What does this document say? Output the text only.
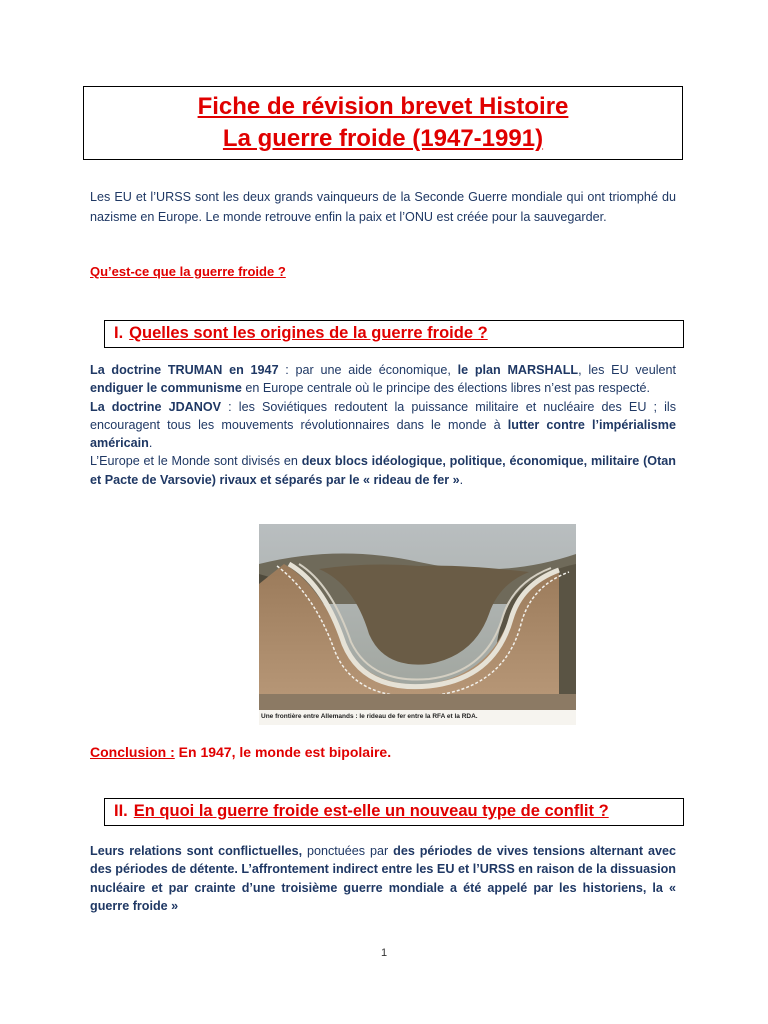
Fiche de révision brevet Histoire
La guerre froide (1947-1991)
Les EU et l’URSS sont les deux grands vainqueurs de la Seconde Guerre mondiale qui ont triomphé du nazisme en Europe. Le monde retrouve enfin la paix et l’ONU est créée pour la sauvegarder.
Qu’est-ce que la guerre froide ?
I. Quelles sont les origines de la guerre froide ?
La doctrine TRUMAN en 1947 : par une aide économique, le plan MARSHALL, les EU veulent endiguer le communisme en Europe centrale où le principe des élections libres n’est pas respecté.
La doctrine JDANOV : les Soviétiques redoutent la puissance militaire et nucléaire des EU ; ils encouragent tous les mouvements révolutionnaires dans le monde à lutter contre l’impérialisme américain.
L’Europe et le Monde sont divisés en deux blocs idéologique, politique, économique, militaire (Otan et Pacte de Varsovie) rivaux et séparés par le « rideau de fer ».
Une frontière entre Allemands : le rideau de fer entre la RFA et la RDA.
Conclusion : En 1947, le monde est bipolaire.
II. En quoi la guerre froide est-elle un nouveau type de conflit ?
Leurs relations sont conflictuelles, ponctuées par des périodes de vives tensions alternant avec des périodes de détente. L’affrontement indirect entre les EU et l’URSS en raison de la dissuasion nucléaire et par crainte d’une troisième guerre mondiale a été appelé par les historiens, la « guerre froide »
1
